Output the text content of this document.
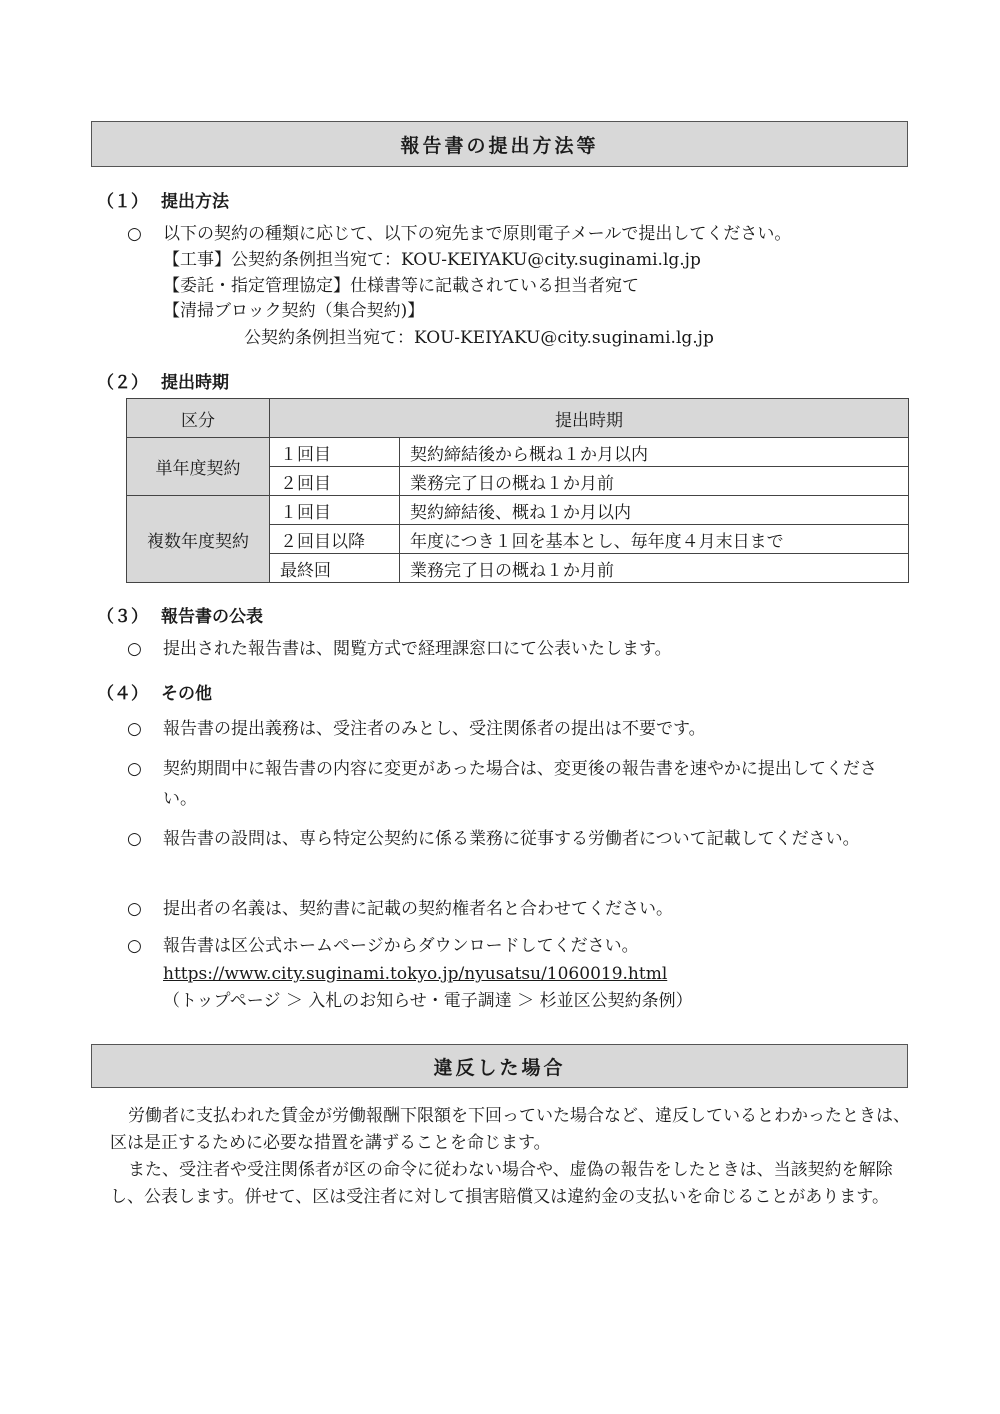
報告書の提出方法等
（１） 提出方法
○ 以下の契約の種類に応じて、以下の宛先まで原則電子メールで提出してください。
【工事】公契約条例担当宛て：KOU-KEIYAKU@city.suginami.lg.jp
【委託・指定管理協定】仕様書等に記載されている担当者宛て
【清掃ブロック契約（集合契約)】
公契約条例担当宛て：KOU-KEIYAKU@city.suginami.lg.jp
（２） 提出時期
区分	提出時期	
単年度契約	１回目	契約締結後から概ね１か月以内
	２回目	業務完了日の概ね１か月前
複数年度契約	１回目	契約締結後、概ね１か月以内
	２回目以降	年度につき１回を基本とし、毎年度４月末日まで
	最終回	業務完了日の概ね１か月前
（３） 報告書の公表
○ 提出された報告書は、閲覧方式で経理課窓口にて公表いたします。
（４） その他
○ 報告書の提出義務は、受注者のみとし、受注関係者の提出は不要です。
○ 契約期間中に報告書の内容に変更があった場合は、変更後の報告書を速やかに提出してください。
○ 報告書の設問は、専ら特定公契約に係る業務に従事する労働者について記載してください。
○ 提出者の名義は、契約書に記載の契約権者名と合わせてください。
○ 報告書は区公式ホームページからダウンロードしてください。
https://www.city.suginami.tokyo.jp/nyusatsu/1060019.html
（トップページ ＞ 入札のお知らせ・電子調達 ＞ 杉並区公契約条例）
違反した場合
労働者に支払われた賃金が労働報酬下限額を下回っていた場合など、違反しているとわかったときは、区は是正するために必要な措置を講ずることを命じます。
また、受注者や受注関係者が区の命令に従わない場合や、虚偽の報告をしたときは、当該契約を解除し、公表します。併せて、区は受注者に対して損害賠償又は違約金の支払いを命じることがあります。
